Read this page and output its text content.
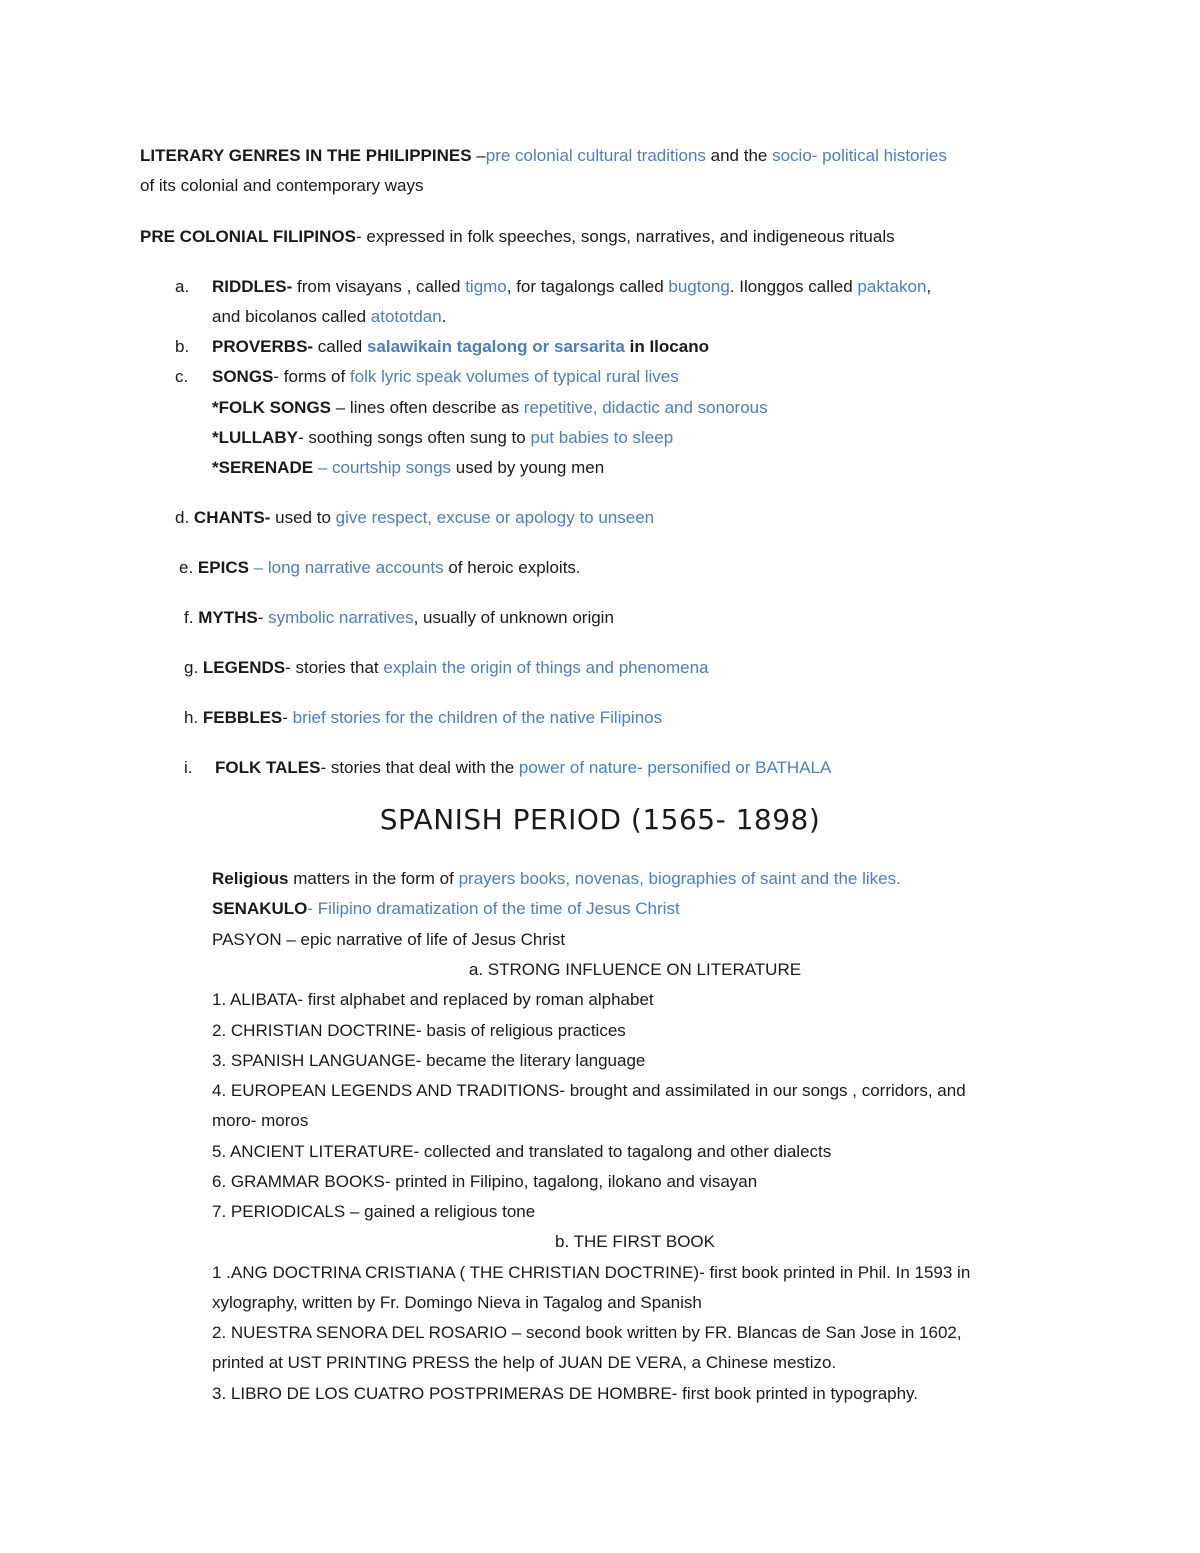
LITERARY GENRES IN THE PHILIPPINES –pre colonial cultural traditions and the socio- political histories
of its colonial and contemporary ways
PRE COLONIAL FILIPINOS- expressed in folk speeches, songs, narratives, and indigeneous rituals
a. RIDDLES- from visayans , called tigmo, for tagalongs called bugtong. Ilonggos called paktakon,
and bicolanos called atototdan.
b. PROVERBS- called salawikain tagalong or sarsarita in Ilocano
c. SONGS- forms of folk lyric speak volumes of typical rural lives
*FOLK SONGS – lines often describe as repetitive, didactic and sonorous
*LULLABY- soothing songs often sung to put babies to sleep
*SERENADE – courtship songs used by young men
d. CHANTS- used to give respect, excuse or apology to unseen
e. EPICS – long narrative accounts of heroic exploits.
f. MYTHS- symbolic narratives, usually of unknown origin
g. LEGENDS- stories that explain the origin of things and phenomena
h. FEBBLES- brief stories for the children of the native Filipinos
i. FOLK TALES- stories that deal with the power of nature- personified or BATHALA
SPANISH PERIOD (1565- 1898)
Religious matters in the form of prayers books, novenas, biographies of saint and the likes.
SENAKULO- Filipino dramatization of the time of Jesus Christ
PASYON – epic narrative of life of Jesus Christ
a. STRONG INFLUENCE ON LITERATURE
1. ALIBATA- first alphabet and replaced by roman alphabet
2. CHRISTIAN DOCTRINE- basis of religious practices
3. SPANISH LANGUANGE- became the literary language
4. EUROPEAN LEGENDS AND TRADITIONS- brought and assimilated in our songs , corridors, and
moro- moros
5. ANCIENT LITERATURE- collected and translated to tagalong and other dialects
6. GRAMMAR BOOKS- printed in Filipino, tagalong, ilokano and visayan
7. PERIODICALS – gained a religious tone
b. THE FIRST BOOK
1 .ANG DOCTRINA CRISTIANA ( THE CHRISTIAN DOCTRINE)- first book printed in Phil. In 1593 in
xylography, written by Fr. Domingo Nieva in Tagalog and Spanish
2. NUESTRA SENORA DEL ROSARIO – second book written by FR. Blancas de San Jose in 1602,
printed at UST PRINTING PRESS the help of JUAN DE VERA, a Chinese mestizo.
3. LIBRO DE LOS CUATRO POSTPRIMERAS DE HOMBRE- first book printed in typography.
